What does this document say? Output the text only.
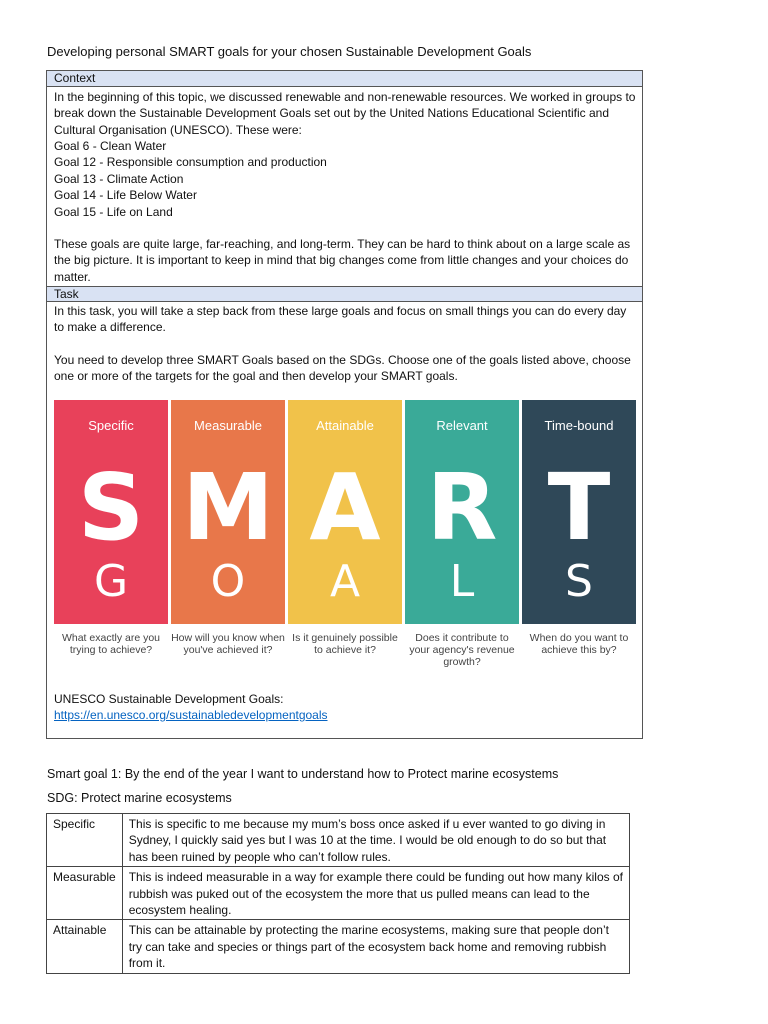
Developing personal SMART goals for your chosen Sustainable Development Goals
Context
In the beginning of this topic, we discussed renewable and non-renewable resources. We worked in groups to break down the Sustainable Development Goals set out by the United Nations Educational Scientific and Cultural Organisation (UNESCO). These were:
Goal 6 - Clean Water
Goal 12 - Responsible consumption and production
Goal 13 - Climate Action
Goal 14 - Life Below Water
Goal 15 - Life on Land
These goals are quite large, far-reaching, and long-term. They can be hard to think about on a large scale as the big picture. It is important to keep in mind that big changes come from little changes and your choices do matter.
Task
In this task, you will take a step back from these large goals and focus on small things you can do every day to make a difference.
You need to develop three SMART Goals based on the SDGs. Choose one of the goals listed above, choose one or more of the targets for the goal and then develop your SMART goals.
Specific
S
G
Measurable
M
O
Attainable
A
A
Relevant
R
L
Time-bound
T
S
What exactly are you trying to achieve?
How will you know when you've achieved it?
Is it genuinely possible to achieve it?
Does it contribute to your agency's revenue growth?
When do you want to achieve this by?
UNESCO Sustainable Development Goals:
https://en.unesco.org/sustainabledevelopmentgoals
Smart goal 1: By the end of the year I want to understand how to Protect marine ecosystems
SDG: Protect marine ecosystems
Specific	This is specific to me because my mum’s boss once asked if u ever wanted to go diving in Sydney, I quickly said yes but I was 10 at the time. I would be old enough to do so but that has been ruined by people who can’t follow rules.
Measurable	This is indeed measurable in a way for example there could be funding out how many kilos of rubbish was puked out of the ecosystem the more that us pulled means can lead to the ecosystem healing.
Attainable	This can be attainable by protecting the marine ecosystems, making sure that people don’t try can take and species or things part of the ecosystem back home and removing rubbish from it.
